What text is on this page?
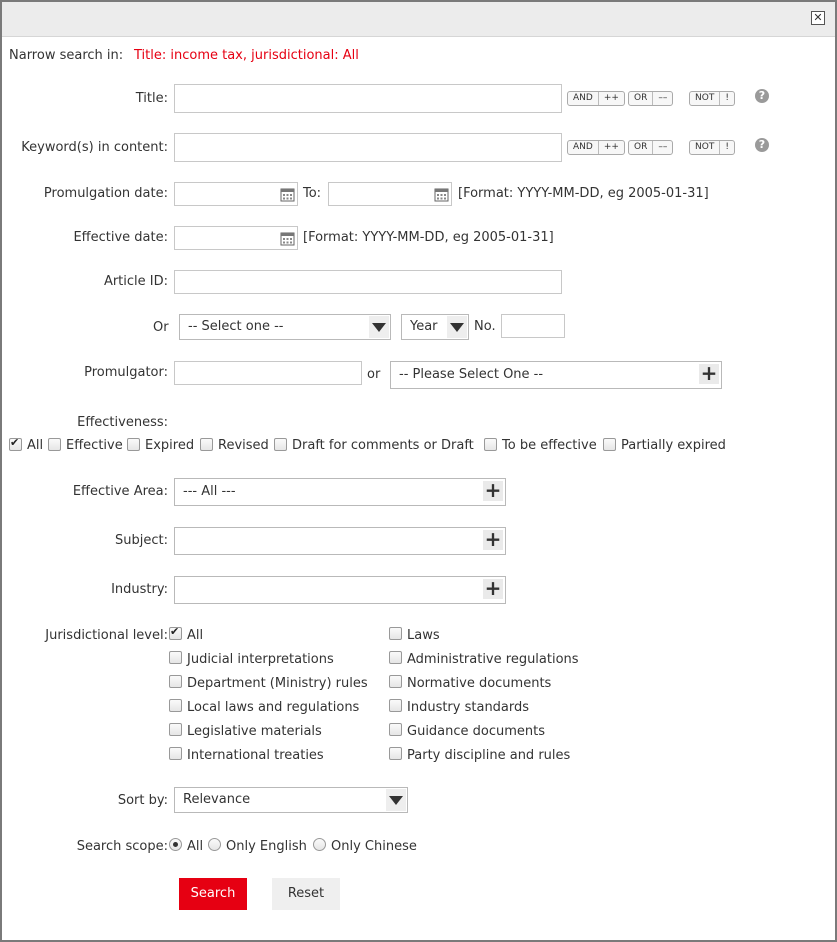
✕
Narrow search in: Title: income tax, jurisdictional: All
Title:	AND	++	OR	––	NOT	!	?
Keyword(s) in content:	AND	++	OR	––	NOT	!	?
Promulgation date:	To:	[Format: YYYY-MM-DD, eg 2005-01-31]
Effective date:	[Format: YYYY-MM-DD, eg 2005-01-31]
Article ID:
Or	-- Select one --	Year	No.
Promulgator:	or	-- Please Select One --	+
Effectiveness:
✔
All Effective Expired Revised Draft for comments or Draft To be effective Partially expired
Effective Area:	--- All ---	+
Subject:	+
Industry:	+
Jurisdictional level:
✔ All
Judicial interpretations
Department (Ministry) rules
Local laws and regulations
Legislative materials
International treaties
Laws
Administrative regulations
Normative documents
Industry standards
Guidance documents
Party discipline and rules
Sort by:	Relevance
Search scope: All Only English Only Chinese
Search	Reset
